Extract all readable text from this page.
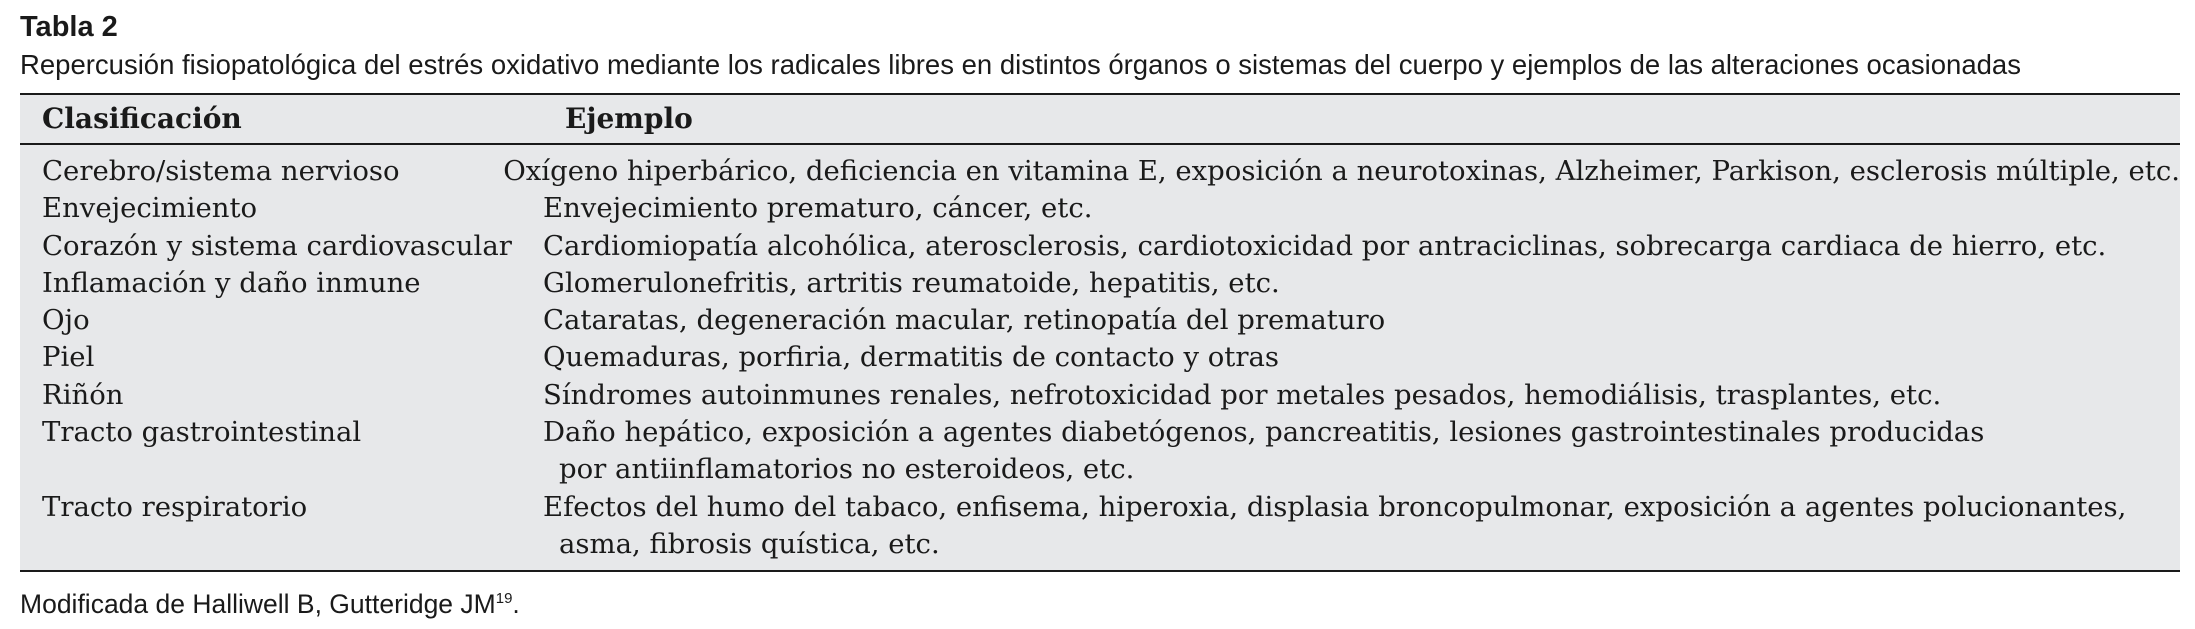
Tabla 2
Repercusión fisiopatológica del estrés oxidativo mediante los radicales libres en distintos órganos o sistemas del cuerpo y ejemplos de las alteraciones ocasionadas
Clasificación	Ejemplo
Cerebro/sistema nervioso	Oxígeno hiperbárico, deficiencia en vitamina E, exposición a neurotoxinas, Alzheimer, Parkison, esclerosis múltiple, etc.
Envejecimiento	Envejecimiento prematuro, cáncer, etc.
Corazón y sistema cardiovascular	Cardiomiopatía alcohólica, aterosclerosis, cardiotoxicidad por antraciclinas, sobrecarga cardiaca de hierro, etc.
Inflamación y daño inmune	Glomerulonefritis, artritis reumatoide, hepatitis, etc.
Ojo	Cataratas, degeneración macular, retinopatía del prematuro
Piel	Quemaduras, porfiria, dermatitis de contacto y otras
Riñón	Síndromes autoinmunes renales, nefrotoxicidad por metales pesados, hemodiálisis, trasplantes, etc.
Tracto gastrointestinal	Daño hepático, exposición a agentes diabetógenos, pancreatitis, lesiones gastrointestinales producidas
por antiinflamatorios no esteroideos, etc.
Tracto respiratorio	Efectos del humo del tabaco, enfisema, hiperoxia, displasia broncopulmonar, exposición a agentes polucionantes,
asma, fibrosis quística, etc.
Modificada de Halliwell B, Gutteridge JM$^{19}$.
